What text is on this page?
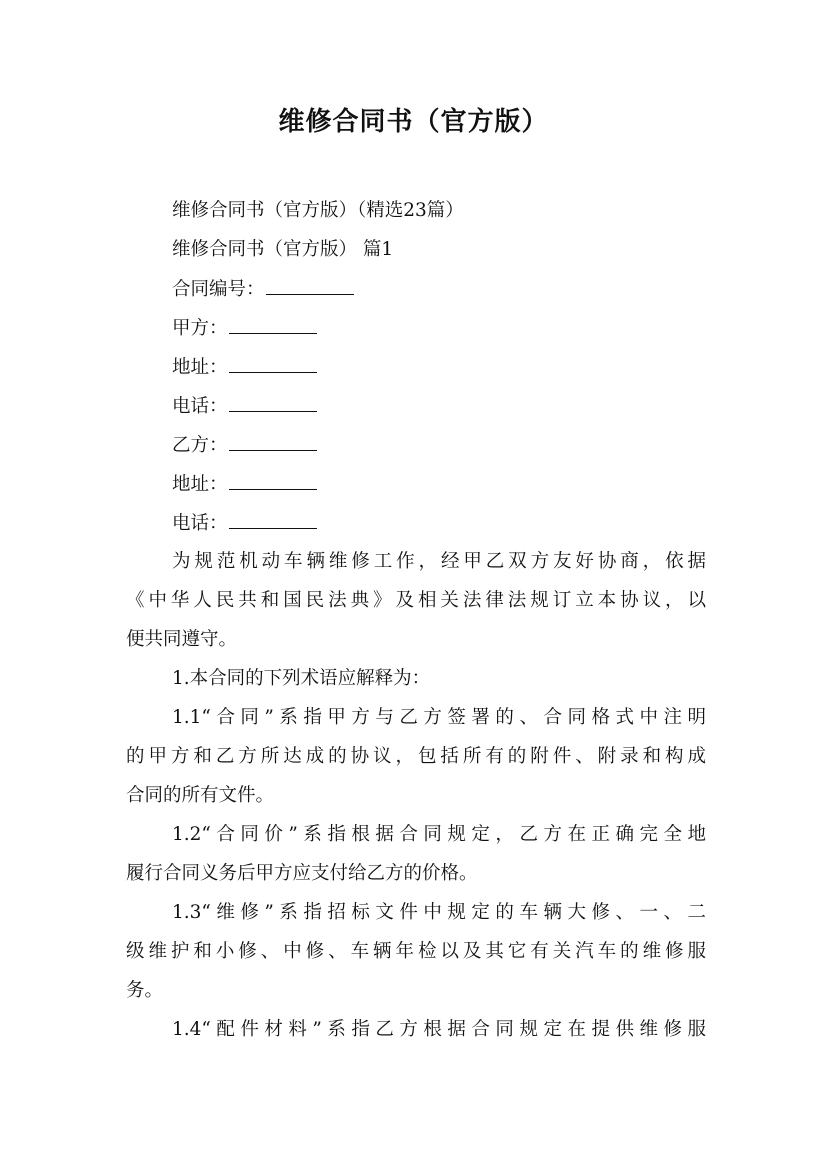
维修合同书（官方版）
维修合同书（官方版）（精选23篇）
维修合同书（官方版） 篇1
合同编号：
甲方：
地址：
电话：
乙方：
地址：
电话：
为规范机动车辆维修工作，经甲乙双方友好协商，依据
《中华人民共和国民法典》及相关法律法规订立本协议，以
便共同遵守。
1.本合同的下列术语应解释为：
1.1“合同”系指甲方与乙方签署的、合同格式中注明
的甲方和乙方所达成的协议，包括所有的附件、附录和构成
合同的所有文件。
1.2“合同价”系指根据合同规定，乙方在正确完全地
履行合同义务后甲方应支付给乙方的价格。
1.3“维修”系指招标文件中规定的车辆大修、一、二
级维护和小修、中修、车辆年检以及其它有关汽车的维修服
务。
1.4“配件材料”系指乙方根据合同规定在提供维修服
